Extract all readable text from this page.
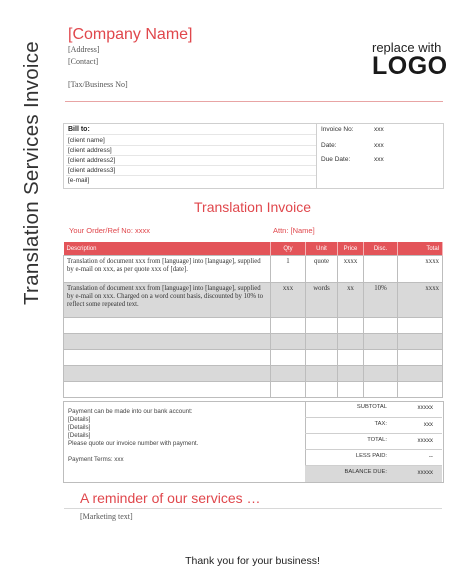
Translation Services Invoice
[Company Name]
[Address]
[Contact]
[Tax/Business No]
replace with
LOGO
Bill to:
[client name]
[client address]
[client address2]
[client address3]
[e-mail]
Invoice No:	xxx
Date:	xxx
Due Date:	xxx
Translation Invoice
Your Order/Ref No: xxxx	Attn: [Name]
Description	Qty	Unit	Price	Disc.	Total
Translation of document xxx from [language] into [language], supplied by e-mail on xxx, as per quote xxx of [date].	1	quote	xxxx		xxxx
Translation of document xxx from [language] into [language], supplied by e-mail on xxx. Charged on a word count basis, discounted by 10% to reflect some repeated text.	xxx	words	xx	10%	xxxx

Payment can be made into our bank account:
[Details]
[Details]
[Details]
Please quote our invoice number with payment.
Payment Terms: xxx
SUBTOTAL	xxxxx
TAX:	xxx
TOTAL:	xxxxx
LESS PAID:	--
BALANCE DUE:	xxxxx
A reminder of our services …
[Marketing text]
Thank you for your business!
